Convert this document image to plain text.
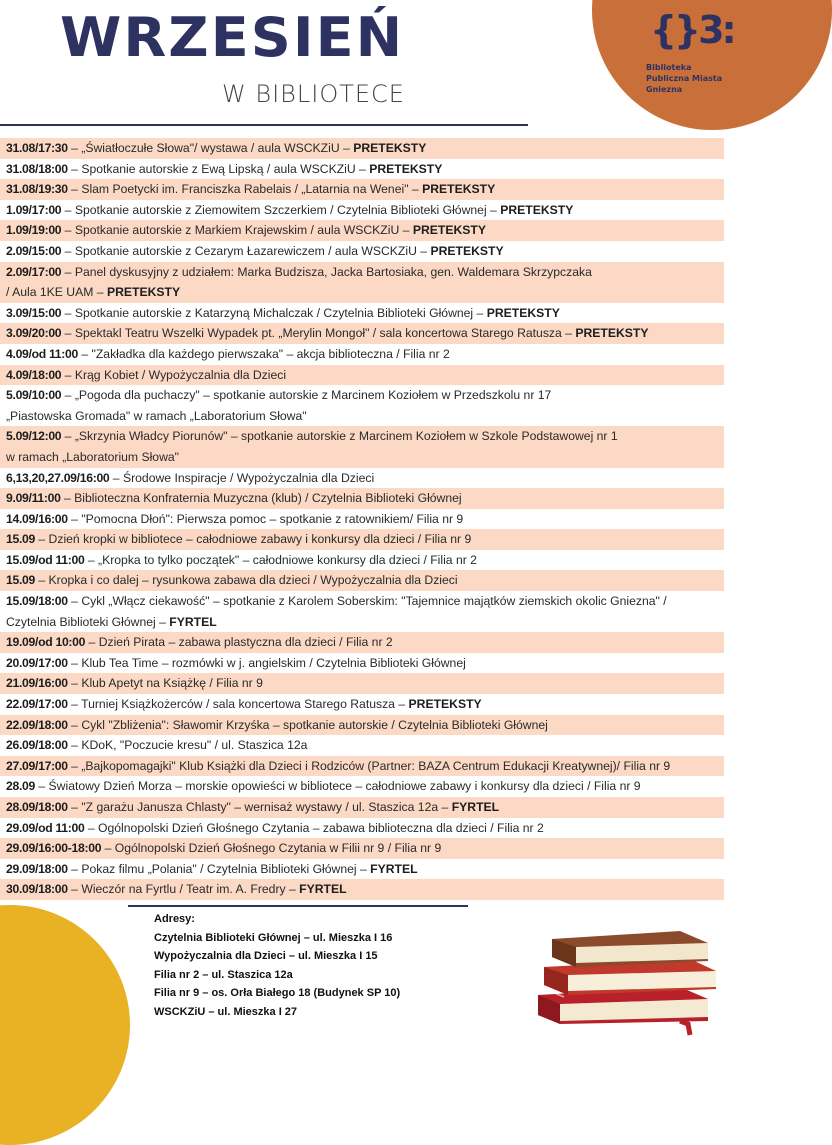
{}3:
Biblioteka Publiczna Miasta Gniezna
WRZESIEŃ
W BIBLIOTECE
31.08/17:30 – „Światłoczułe Słowa"/ wystawa / aula WSCKZiU – PRETEKSTY
31.08/18:00 – Spotkanie autorskie z Ewą Lipską / aula WSCKZiU – PRETEKSTY
31.08/19:30 – Slam Poetycki im. Franciszka Rabelais / „Latarnia na Wenei" – PRETEKSTY
1.09/17:00 – Spotkanie autorskie z Ziemowitem Szczerkiem / Czytelnia Biblioteki Głównej – PRETEKSTY
1.09/19:00 – Spotkanie autorskie z Markiem Krajewskim / aula WSCKZiU – PRETEKSTY
2.09/15:00 – Spotkanie autorskie z Cezarym Łazarewiczem / aula WSCKZiU – PRETEKSTY
2.09/17:00 – Panel dyskusyjny z udziałem: Marka Budzisza, Jacka Bartosiaka, gen. Waldemara Skrzypczaka
/ Aula 1KE UAM – PRETEKSTY
3.09/15:00 – Spotkanie autorskie z Katarzyną Michalczak / Czytelnia Biblioteki Głównej – PRETEKSTY
3.09/20:00 – Spektakl Teatru Wszelki Wypadek pt. „Merylin Mongoł" / sala koncertowa Starego Ratusza – PRETEKSTY
4.09/od 11:00 – "Zakładka dla każdego pierwszaka" – akcja biblioteczna / Filia nr 2
4.09/18:00 – Krąg Kobiet / Wypożyczalnia dla Dzieci
5.09/10:00 – „Pogoda dla puchaczy" – spotkanie autorskie z Marcinem Koziołem w Przedszkolu nr 17
„Piastowska Gromada" w ramach „Laboratorium Słowa"
5.09/12:00 – „Skrzynia Władcy Piorunów" – spotkanie autorskie z Marcinem Koziołem w Szkole Podstawowej nr 1
w ramach „Laboratorium Słowa"
6,13,20,27.09/16:00 – Środowe Inspiracje / Wypożyczalnia dla Dzieci
9.09/11:00 – Biblioteczna Konfraternia Muzyczna (klub) / Czytelnia Biblioteki Głównej
14.09/16:00 – "Pomocna Dłoń": Pierwsza pomoc – spotkanie z ratownikiem/ Filia nr 9
15.09 – Dzień kropki w bibliotece – całodniowe zabawy i konkursy dla dzieci / Filia nr 9
15.09/od 11:00 – „Kropka to tylko początek" – całodniowe konkursy dla dzieci / Filia nr 2
15.09 – Kropka i co dalej – rysunkowa zabawa dla dzieci / Wypożyczalnia dla Dzieci
15.09/18:00 – Cykl „Włącz ciekawość" – spotkanie z Karolem Soberskim: "Tajemnice majątków ziemskich okolic Gniezna" /
Czytelnia Biblioteki Głównej – FYRTEL
19.09/od 10:00 – Dzień Pirata – zabawa plastyczna dla dzieci / Filia nr 2
20.09/17:00 – Klub Tea Time – rozmówki w j. angielskim / Czytelnia Biblioteki Głównej
21.09/16:00 – Klub Apetyt na Książkę / Filia nr 9
22.09/17:00 – Turniej Książkożerców / sala koncertowa Starego Ratusza – PRETEKSTY
22.09/18:00 – Cykl "Zbliżenia": Sławomir Krzyśka – spotkanie autorskie / Czytelnia Biblioteki Głównej
26.09/18:00 – KDoK, "Poczucie kresu" / ul. Staszica 12a
27.09/17:00 – „Bajkopomagajki" Klub Książki dla Dzieci i Rodziców (Partner: BAZA Centrum Edukacji Kreatywnej)/ Filia nr 9
28.09 – Światowy Dzień Morza – morskie opowieści w bibliotece – całodniowe zabawy i konkursy dla dzieci / Filia nr 9
28.09/18:00 – "Z garażu Janusza Chlasty" – wernisaż wystawy / ul. Staszica 12a – FYRTEL
29.09/od 11:00 – Ogólnopolski Dzień Głośnego Czytania – zabawa biblioteczna dla dzieci / Filia nr 2
29.09/16:00-18:00 – Ogólnopolski Dzień Głośnego Czytania w Filii nr 9 / Filia nr 9
29.09/18:00 – Pokaz filmu „Polania" / Czytelnia Biblioteki Głównej – FYRTEL
30.09/18:00 – Wieczór na Fyrtlu / Teatr im. A. Fredry – FYRTEL
Adresy:
Czytelnia Biblioteki Głównej – ul. Mieszka I 16
Wypożyczalnia dla Dzieci – ul. Mieszka I 15
Filia nr 2 – ul. Staszica 12a
Filia nr 9 – os. Orła Białego 18 (Budynek SP 10)
WSCKZiU – ul. Mieszka I 27
